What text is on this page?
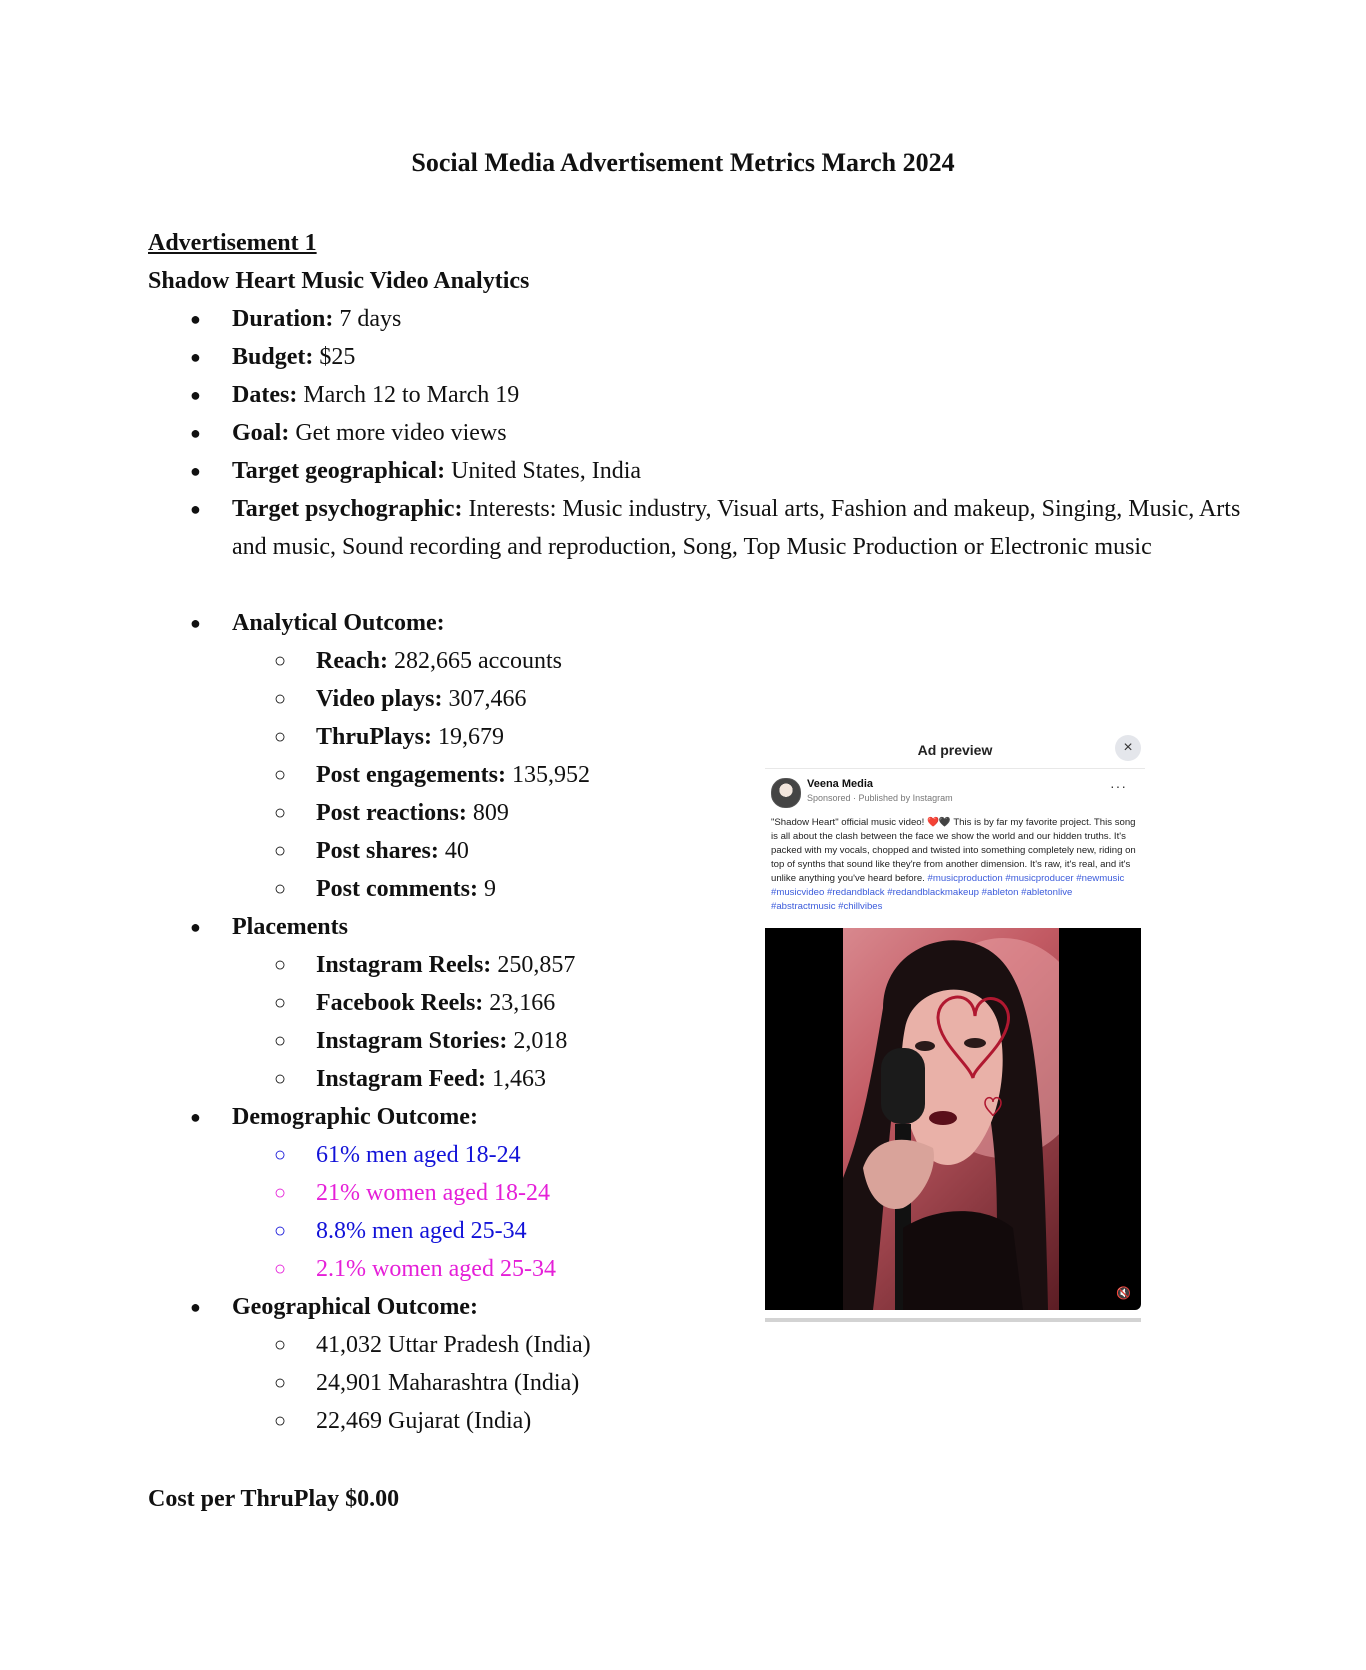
Social Media Advertisement Metrics March 2024

Advertisement 1

Shadow Heart Music Video Analytics

● Duration: 7 days
● Budget: $25
● Dates: March 12 to March 19
● Goal: Get more video views
● Target geographical: United States, India
● Target psychographic: Interests: Music industry, Visual arts, Fashion and makeup, Singing, Music, Arts and music, Sound recording and reproduction, Song, Top Music Production or Electronic music
● Analytical Outcome:
○ Reach: 282,665 accounts
○ Video plays: 307,466
○ ThruPlays: 19,679
○ Post engagements: 135,952
○ Post reactions: 809
○ Post shares: 40
○ Post comments: 9
● Placements
○ Instagram Reels: 250,857
○ Facebook Reels: 23,166
○ Instagram Stories: 2,018
○ Instagram Feed: 1,463
● Demographic Outcome:
○ 61% men aged 18-24
○ 21% women aged 18-24
○ 8.8% men aged 25-34
○ 2.1% women aged 25-34
● Geographical Outcome:
○ 41,032 Uttar Pradesh (India)
○ 24,901 Maharashtra (India)
○ 22,469 Gujarat (India)

Cost per ThruPlay $0.00

Ad preview	×
Veena Media
Sponsored · Published by Instagram
···
"Shadow Heart" official music video! ❤️🖤 This is by far my favorite project. This song is all about the clash between the face we show the world and our hidden truths. It's packed with my vocals, chopped and twisted into something completely new, riding on top of synths that sound like they're from another dimension. It's raw, it's real, and it's unlike anything you've heard before. #musicproduction #musicproducer #newmusic #musicvideo #redandblack #redandblackmakeup #ableton #abletonlive #abstractmusic #chillvibes
🔇
